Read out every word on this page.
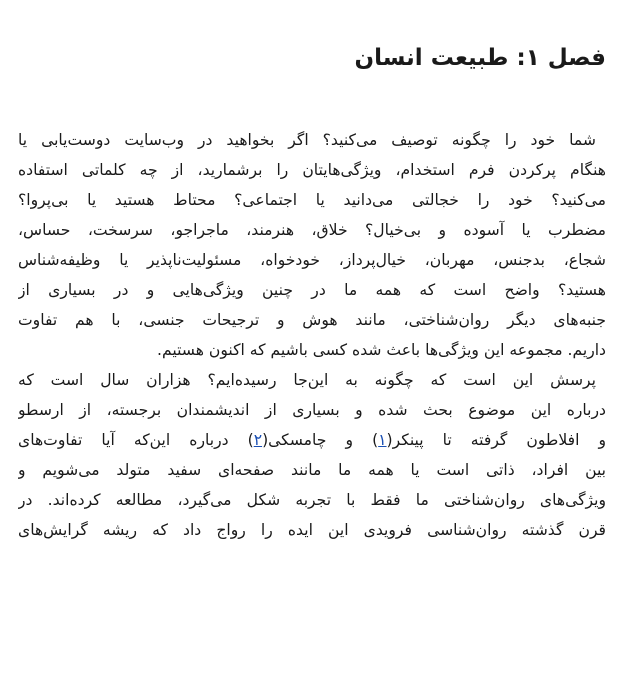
فصل ۱: طبیعت انسان
شما خود را چگونه توصیف می‌کنید؟ اگر بخواهید در وب‌سایت دوست‌یابی یا
هنگام پرکردن فرم استخدام، ویژگی‌هایتان را برشمارید، از چه کلماتی استفاده
می‌کنید؟ خود را خجالتی می‌دانید یا اجتماعی؟ محتاط هستید یا بی‌پروا؟
مضطرب یا آسوده و بی‌خیال؟ خلاق، هنرمند، ماجراجو، سرسخت، حساس،
شجاع، بدجنس، مهربان، خیال‌پرداز، خودخواه، مسئولیت‌ناپذیر یا وظیفه‌شناس
هستید؟ واضح است که همه ما در چنین ویژگی‌هایی و در بسیاری از
جنبه‌های دیگر روان‌شناختی، مانند هوش و ترجیحات جنسی، با هم تفاوت
داریم. مجموعه این ویژگی‌ها باعث شده کسی باشیم که اکنون هستیم.
پرسش این است که چگونه به این‌جا رسیده‌ایم؟ هزاران سال است که
درباره این موضوع بحث شده و بسیاری از اندیشمندان برجسته، از ارسطو
و افلاطون گرفته تا پینکر(۱) و چامسکی(۲) درباره این‌که آیا تفاوت‌های
بین افراد، ذاتی است یا همه ما مانند صفحه‌ای سفید متولد می‌شویم و
ویژگی‌های روان‌شناختی ما فقط با تجربه شکل می‌گیرد، مطالعه کرده‌اند. در
قرن گذشته روان‌شناسی فرویدی این ایده را رواج داد که ریشه گرایش‌های
